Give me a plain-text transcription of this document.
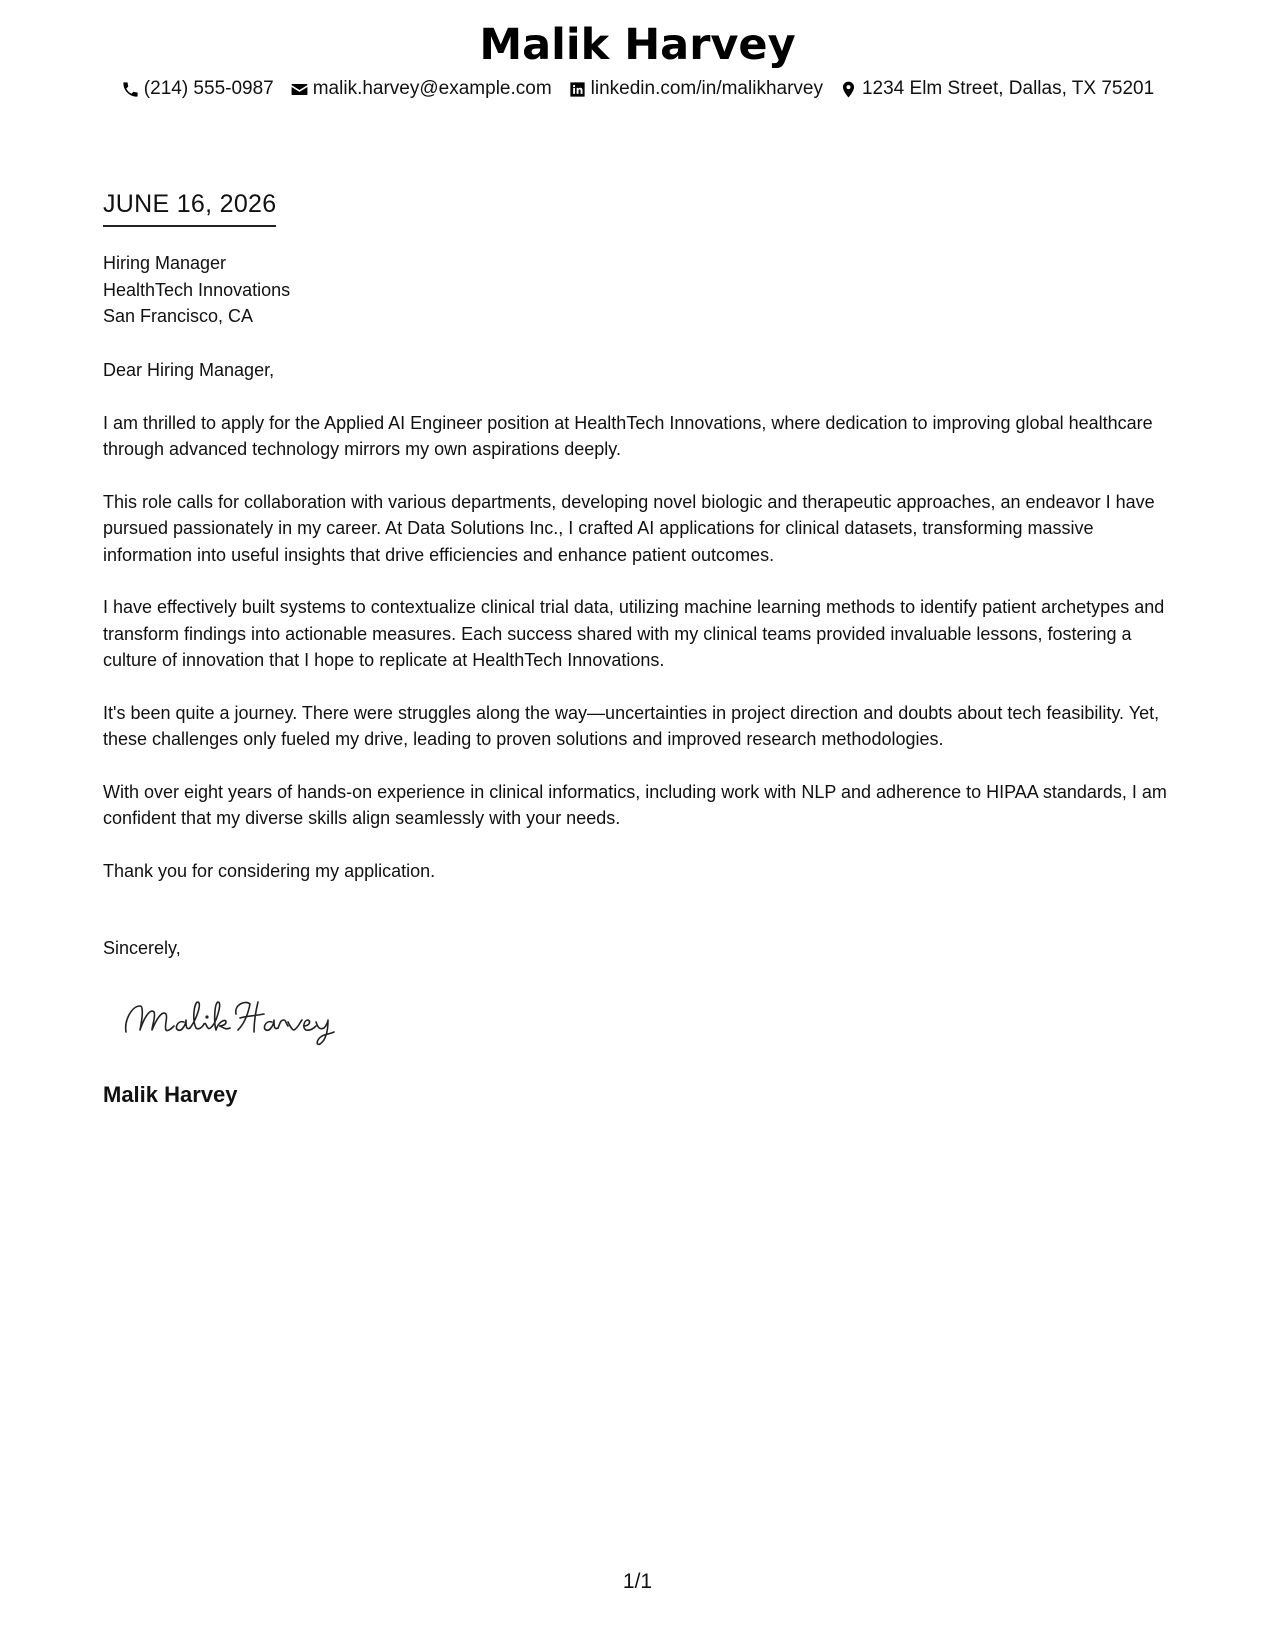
Malik Harvey
(214) 555-0987 malik.harvey@example.com linkedin.com/in/malikharvey 1234 Elm Street, Dallas, TX 75201
JUNE 16, 2026
Hiring Manager
HealthTech Innovations
San Francisco, CA
Dear Hiring Manager,

I am thrilled to apply for the Applied AI Engineer position at HealthTech Innovations, where dedication to improving global healthcare through advanced technology mirrors my own aspirations deeply.

This role calls for collaboration with various departments, developing novel biologic and therapeutic approaches, an endeavor I have pursued passionately in my career. At Data Solutions Inc., I crafted AI applications for clinical datasets, transforming massive information into useful insights that drive efficiencies and enhance patient outcomes.

I have effectively built systems to contextualize clinical trial data, utilizing machine learning methods to identify patient archetypes and transform findings into actionable measures. Each success shared with my clinical teams provided invaluable lessons, fostering a culture of innovation that I hope to replicate at HealthTech Innovations.

It's been quite a journey. There were struggles along the way—uncertainties in project direction and doubts about tech feasibility. Yet, these challenges only fueled my drive, leading to proven solutions and improved research methodologies.

With over eight years of hands-on experience in clinical informatics, including work with NLP and adherence to HIPAA standards, I am confident that my diverse skills align seamlessly with your needs.

Thank you for considering my application.

Sincerely,
Malik Harvey
1/1
